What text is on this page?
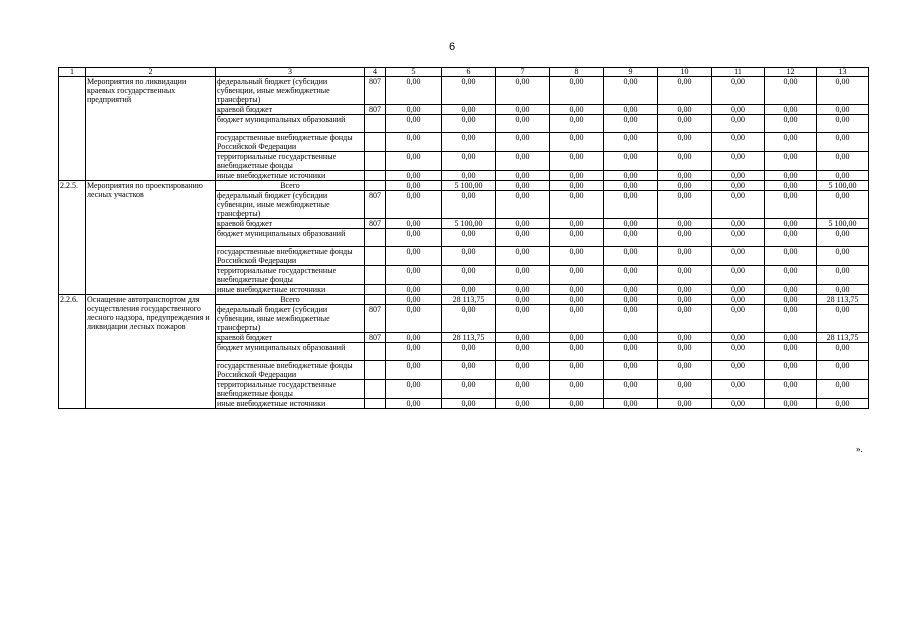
6
1	2	3	4	5	6	7	8	9	10	11	12	13
	Мероприятия по ликвидации краевых государственных предприятий	федеральный бюджет (субсидии субвенции, иные межбюджетные трансферты)	807	0,00	0,00	0,00	0,00	0,00	0,00	0,00	0,00	0,00
		краевой бюджет	807	0,00	0,00	0,00	0,00	0,00	0,00	0,00	0,00	0,00
		бюджет муниципальных образований		0,00	0,00	0,00	0,00	0,00	0,00	0,00	0,00	0,00
		государственные внебюджетные фонды Российской Федерации		0,00	0,00	0,00	0,00	0,00	0,00	0,00	0,00	0,00
		территориальные государственные внебюджетные фонды		0,00	0,00	0,00	0,00	0,00	0,00	0,00	0,00	0,00
		иные внебюджетные источники		0,00	0,00	0,00	0,00	0,00	0,00	0,00	0,00	0,00
2.2.5.	Мероприятия по проектированию лесных участков	Всего		0,00	5 100,00	0,00	0,00	0,00	0,00	0,00	0,00	5 100,00
		федеральный бюджет (субсидии субвенции, иные межбюджетные трансферты)	807	0,00	0,00	0,00	0,00	0,00	0,00	0,00	0,00	0,00
		краевой бюджет	807	0,00	5 100,00	0,00	0,00	0,00	0,00	0,00	0,00	5 100,00
		бюджет муниципальных образований		0,00	0,00	0,00	0,00	0,00	0,00	0,00	0,00	0,00
		государственные внебюджетные фонды Российской Федерации		0,00	0,00	0,00	0,00	0,00	0,00	0,00	0,00	0,00
		территориальные государственные внебюджетные фонды		0,00	0,00	0,00	0,00	0,00	0,00	0,00	0,00	0,00
		иные внебюджетные источники		0,00	0,00	0,00	0,00	0,00	0,00	0,00	0,00	0,00
2.2.6.	Оснащение автотранспортом для осуществления государственного лесного надзора, предупреждения и ликвидации лесных пожаров	Всего		0,00	28 113,75	0,00	0,00	0,00	0,00	0,00	0,00	28 113,75
		федеральный бюджет (субсидии субвенции, иные межбюджетные трансферты)	807	0,00	0,00	0,00	0,00	0,00	0,00	0,00	0,00	0,00
		краевой бюджет	807	0,00	28 113,75	0,00	0,00	0,00	0,00	0,00	0,00	28 113,75
		бюджет муниципальных образований		0,00	0,00	0,00	0,00	0,00	0,00	0,00	0,00	0,00
		государственные внебюджетные фонды Российской Федерации		0,00	0,00	0,00	0,00	0,00	0,00	0,00	0,00	0,00
		территориальные государственные внебюджетные фонды		0,00	0,00	0,00	0,00	0,00	0,00	0,00	0,00	0,00
		иные внебюджетные источники		0,00	0,00	0,00	0,00	0,00	0,00	0,00	0,00	0,00
».
